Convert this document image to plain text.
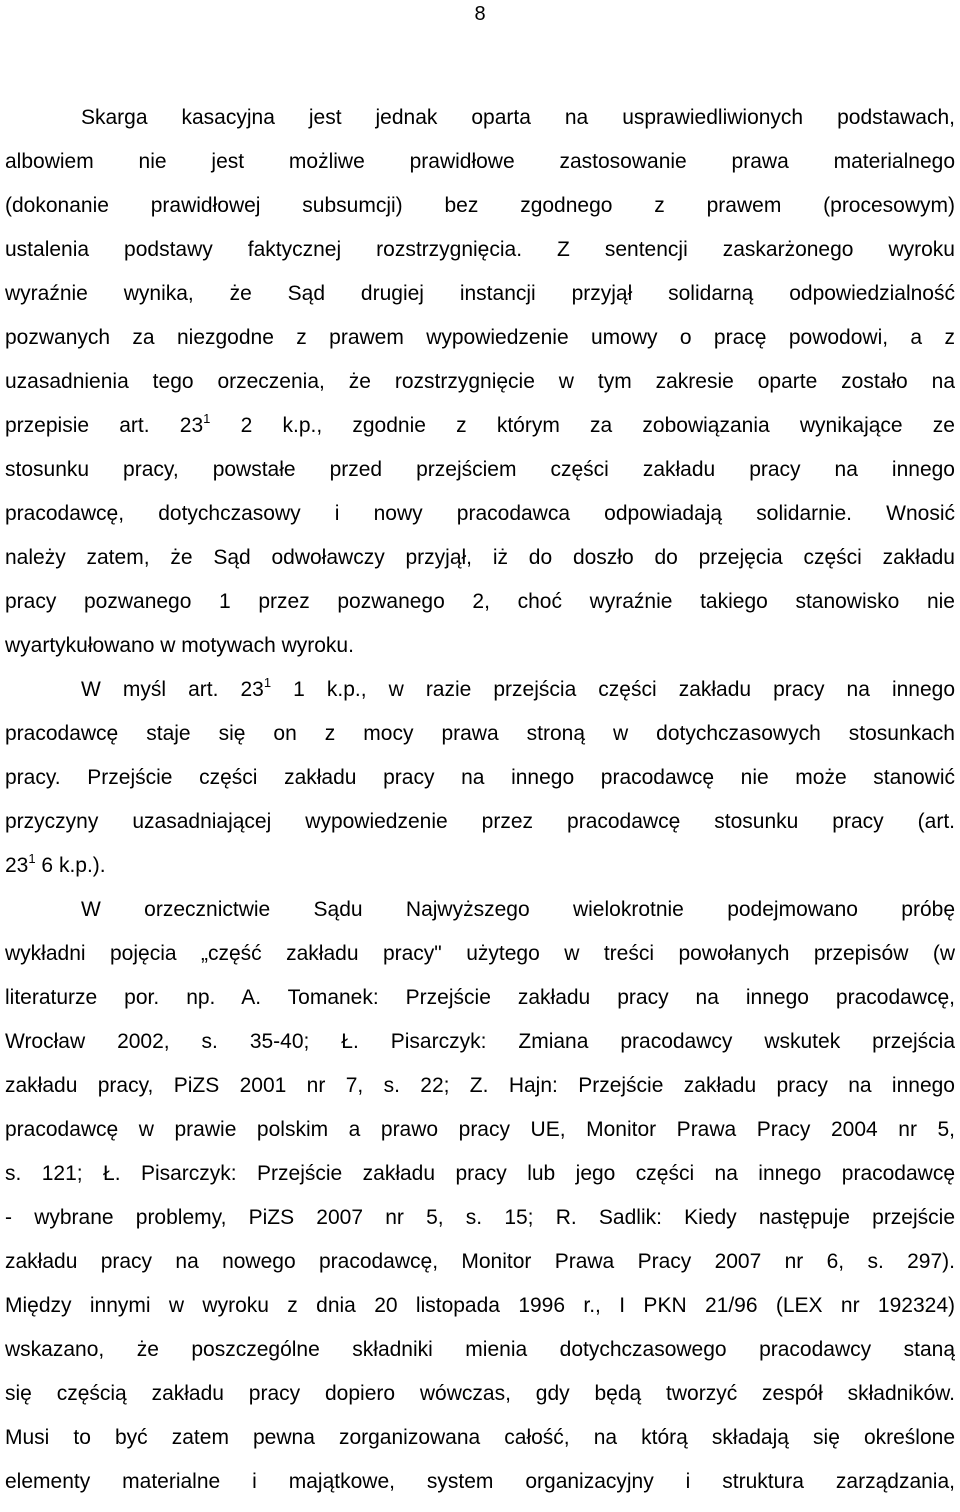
8
Skarga kasacyjna jest jednak oparta na usprawiedliwionych podstawach,
albowiem nie jest możliwe prawidłowe zastosowanie prawa materialnego
(dokonanie prawidłowej subsumcji) bez zgodnego z prawem (procesowym)
ustalenia podstawy faktycznej rozstrzygnięcia. Z sentencji zaskarżonego wyroku
wyraźnie wynika, że Sąd drugiej instancji przyjął solidarną odpowiedzialność
pozwanych za niezgodne z prawem wypowiedzenie umowy o pracę powodowi, a z
uzasadnienia tego orzeczenia, że rozstrzygnięcie w tym zakresie oparte zostało na
przepisie art. $23^1$ 2 k.p., zgodnie z którym za zobowiązania wynikające ze
stosunku pracy, powstałe przed przejściem części zakładu pracy na innego
pracodawcę, dotychczasowy i nowy pracodawca odpowiadają solidarnie. Wnosić
należy zatem, że Sąd odwoławczy przyjął, iż do doszło do przejęcia części zakładu
pracy pozwanego 1 przez pozwanego 2, choć wyraźnie takiego stanowisko nie
wyartykułowano w motywach wyroku.
W myśl art. $23^1$ 1 k.p., w razie przejścia części zakładu pracy na innego
pracodawcę staje się on z mocy prawa stroną w dotychczasowych stosunkach
pracy. Przejście części zakładu pracy na innego pracodawcę nie może stanowić
przyczyny uzasadniającej wypowiedzenie przez pracodawcę stosunku pracy (art.
$23^1$ 6 k.p.).
W orzecznictwie Sądu Najwyższego wielokrotnie podejmowano próbę
wykładni pojęcia „część zakładu pracy" użytego w treści powołanych przepisów (w
literaturze por. np. A. Tomanek: Przejście zakładu pracy na innego pracodawcę,
Wrocław 2002, s. 35-40; Ł. Pisarczyk: Zmiana pracodawcy wskutek przejścia
zakładu pracy, PiZS 2001 nr 7, s. 22; Z. Hajn: Przejście zakładu pracy na innego
pracodawcę w prawie polskim a prawo pracy UE, Monitor Prawa Pracy 2004 nr 5,
s. 121; Ł. Pisarczyk: Przejście zakładu pracy lub jego części na innego pracodawcę
- wybrane problemy, PiZS 2007 nr 5, s. 15; R. Sadlik: Kiedy następuje przejście
zakładu pracy na nowego pracodawcę, Monitor Prawa Pracy 2007 nr 6, s. 297).
Między innymi w wyroku z dnia 20 listopada 1996 r., I PKN 21/96 (LEX nr 192324)
wskazano, że poszczególne składniki mienia dotychczasowego pracodawcy staną
się częścią zakładu pracy dopiero wówczas, gdy będą tworzyć zespół składników.
Musi to być zatem pewna zorganizowana całość, na którą składają się określone
elementy materialne i majątkowe, system organizacyjny i struktura zarządzania,
